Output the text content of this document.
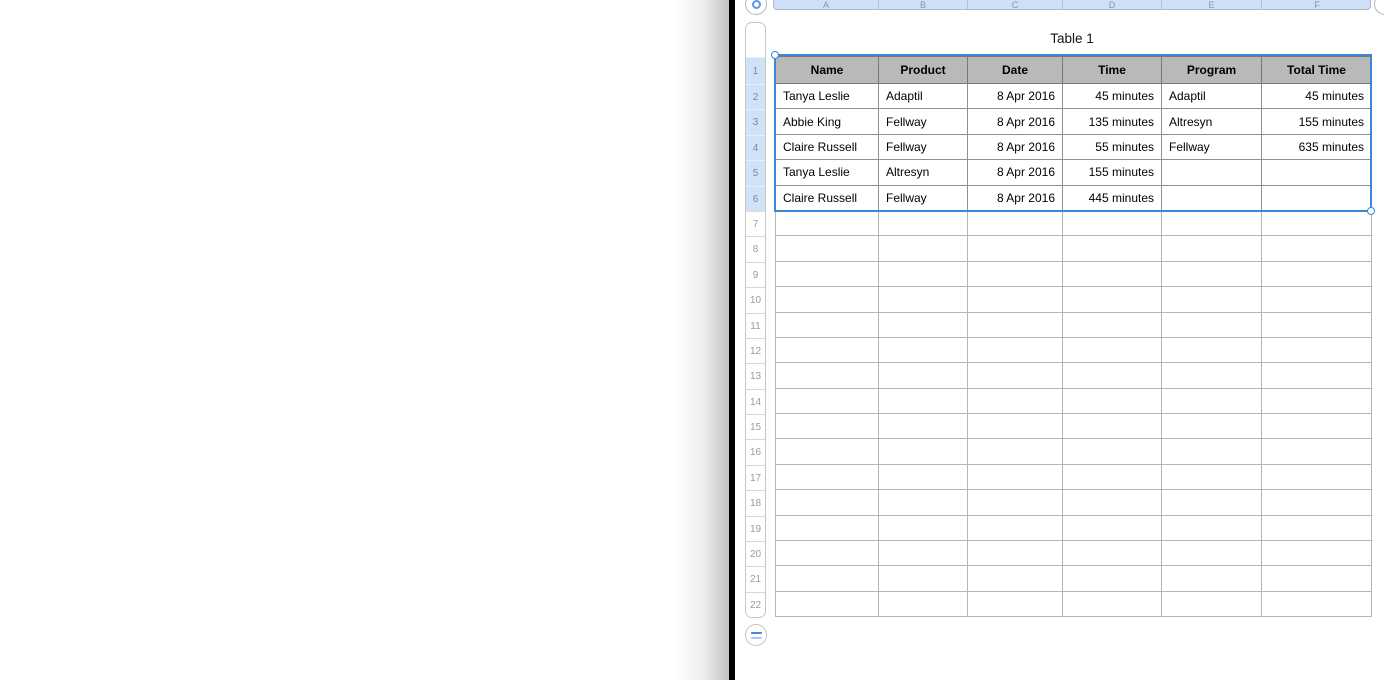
A	B	C	D	E	F
1
2
3
4
5
6
7
8
9
10
11
12
13
14
15
16
17
18
19
20
21
22
Table 1
Name	Product	Date	Time	Program	Total Time
Tanya Leslie	Adaptil	8 Apr 2016	45 minutes	Adaptil	45 minutes
Abbie King	Fellway	8 Apr 2016	135 minutes	Altresyn	155 minutes
Claire Russell	Fellway	8 Apr 2016	55 minutes	Fellway	635 minutes
Tanya Leslie	Altresyn	8 Apr 2016	155 minutes		
Claire Russell	Fellway	8 Apr 2016	445 minutes		
